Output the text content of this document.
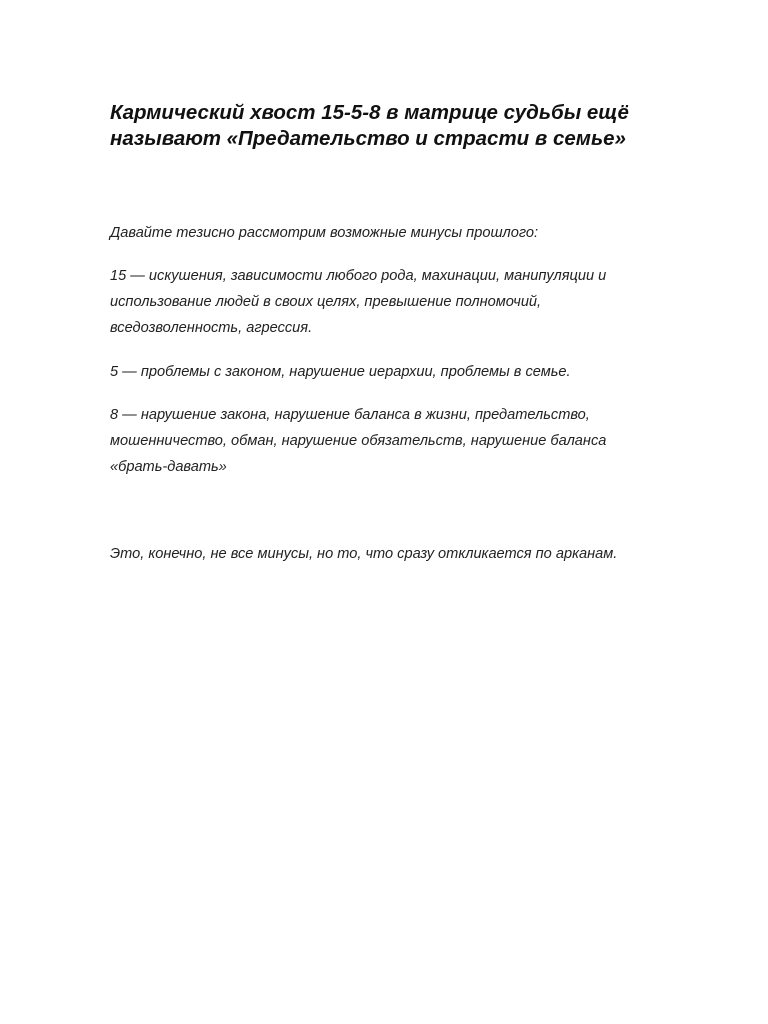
Кармический хвост 15-5-8 в матрице судьбы ещё
называют «Предательство и страсти в семье»

Давайте тезисно рассмотрим возможные минусы прошлого:

15 — искушения, зависимости любого рода, махинации, манипуляции и
использование людей в своих целях, превышение полномочий,
вседозволенность, агрессия.

5 — проблемы с законом, нарушение иерархии, проблемы в семье.

8 — нарушение закона, нарушение баланса в жизни, предательство,
мошенничество, обман, нарушение обязательств, нарушение баланса
«брать-давать»

Это, конечно, не все минусы, но то, что сразу откликается по арканам.
